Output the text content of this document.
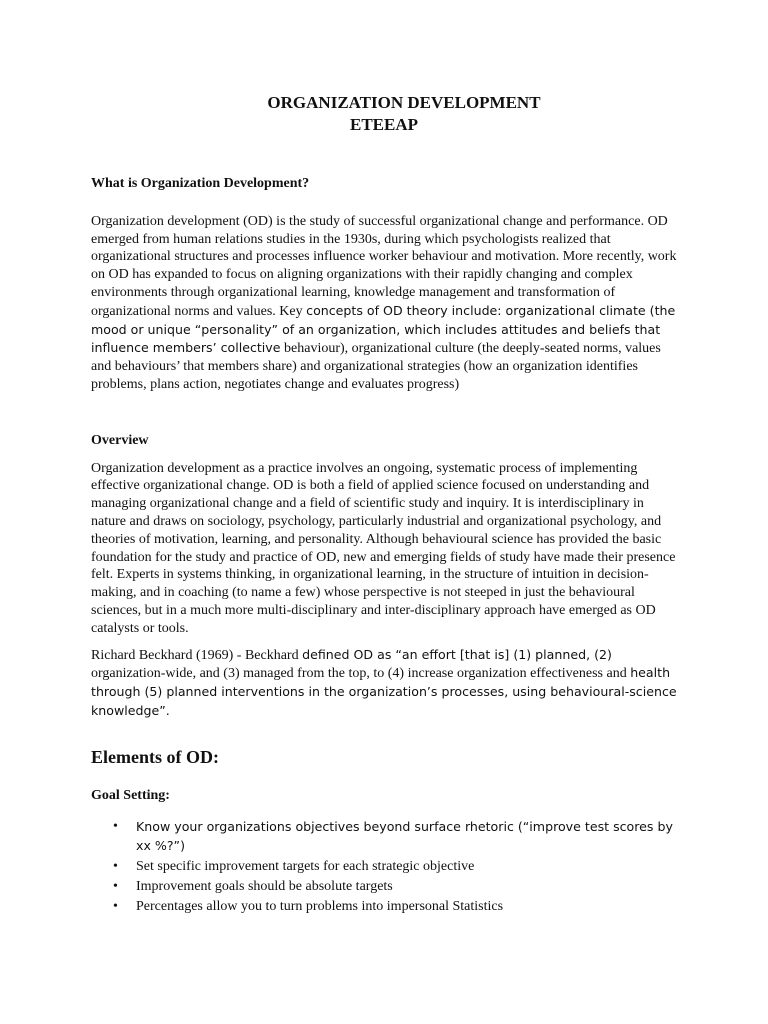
ORGANIZATION DEVELOPMENT
ETEEAP
What is Organization Development?

Organization development (OD) is the study of successful organizational change and performance. OD emerged from human relations studies in the 1930s, during which psychologists realized that organizational structures and processes influence worker behaviour and motivation. More recently, work on OD has expanded to focus on aligning organizations with their rapidly changing and complex environments through organizational learning, knowledge management and transformation of organizational norms and values. Key concepts of OD theory include: organizational climate (the mood or unique “personality” of an organization, which includes attitudes and beliefs that influence members’ collective behaviour), organizational culture (the deeply-seated norms, values and behaviours’ that members share) and organizational strategies (how an organization identifies problems, plans action, negotiates change and evaluates progress)

Overview

Organization development as a practice involves an ongoing, systematic process of implementing effective organizational change. OD is both a field of applied science focused on understanding and managing organizational change and a field of scientific study and inquiry. It is interdisciplinary in nature and draws on sociology, psychology, particularly industrial and organizational psychology, and theories of motivation, learning, and personality. Although behavioural science has provided the basic foundation for the study and practice of OD, new and emerging fields of study have made their presence felt. Experts in systems thinking, in organizational learning, in the structure of intuition in decision-making, and in coaching (to name a few) whose perspective is not steeped in just the behavioural sciences, but in a much more multi-disciplinary and inter-disciplinary approach have emerged as OD catalysts or tools.

Richard Beckhard (1969) - Beckhard defined OD as “an effort [that is] (1) planned, (2) organization-wide, and (3) managed from the top, to (4) increase organization effectiveness and health through (5) planned interventions in the organization’s processes, using behavioural-science knowledge”.

Elements of OD:
Goal Setting:
• Know your organizations objectives beyond surface rhetoric (“improve test scores by xx %?”)
• Set specific improvement targets for each strategic objective
• Improvement goals should be absolute targets
• Percentages allow you to turn problems into impersonal Statistics
